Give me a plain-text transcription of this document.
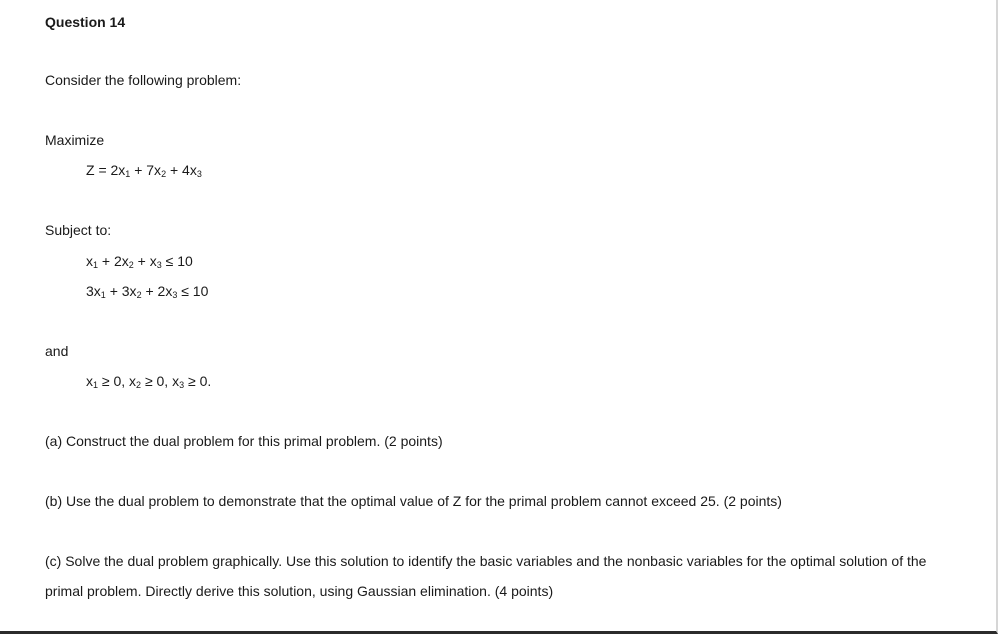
Question 14
Consider the following problem:
Maximize
$Z = 2x_1 + 7x_2 + 4x_3$
Subject to:
$x_1 + 2x_2 + x_3 \le 10$
$3x_1 + 3x_2 + 2x_3 \le 10$
and
$x_1 \ge 0$, $x_2 \ge 0$, $x_3 \ge 0$.
(a) Construct the dual problem for this primal problem. (2 points)
(b) Use the dual problem to demonstrate that the optimal value of Z for the primal problem cannot exceed 25. (2 points)
(c) Solve the dual problem graphically. Use this solution to identify the basic variables and the nonbasic variables for the optimal solution of the
primal problem. Directly derive this solution, using Gaussian elimination. (4 points)
